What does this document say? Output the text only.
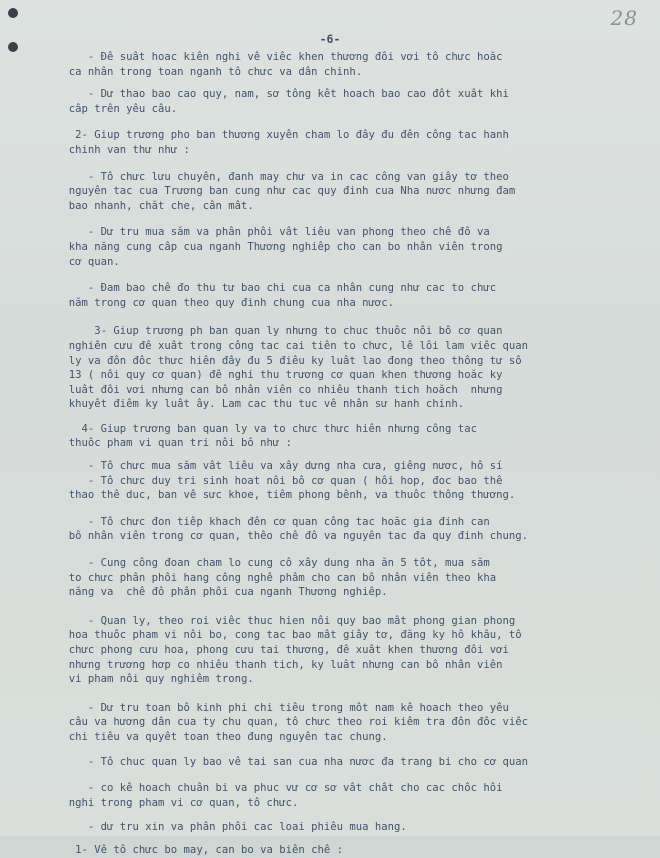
28
-6-
- Đê suât hoac kiên nghi vê viêc khen thương đôi vơi tô chưc hoăc
ca nhân trong toan nganh tô chưc va dân chinh.
- Dư thao bao cao quy, nam, sơ tông kêt hoach bao cao đôt xuât khi
câp trên yêu câu.
2- Giup trương pho ban thương xuyên cham lo đây đu đên công tac hanh
chinh van thư như :
- Tô chưc lưu chuyên, đanh may chư va in cac công van giây tơ theo
nguyên tac cua Trương ban cung như cac quy đinh cua Nha nươc nhưng đam
bao nhanh, chăt che, cân mât.
- Dư tru mua săm va phân phôi vât liêu van phong theo chê đô va
kha năng cung câp cua nganh Thương nghiêp cho can bo nhân viên trong
cơ quan.
- Đam bao chê đo thu tư bao chi cua ca nhân cung như cac to chưc
năm trong cơ quan theo quy đinh chung cua nha nươc.
3- Giup trương ph ban quan ly nhưng to chuc thuôc nôi bô cơ quan
nghiên cưu đê xuât trong công tac cai tiên to chưc, lê lôi lam viêc quan
ly va đôn đôc thưc hiên đây đu 5 điêu ky luât lao đong theo thông tư sô
13 ( nôi quy cơ quan) đê nghi thu trương cơ quan khen thương hoăc ky
luât đôi vơi nhưng can bô nhân viên co nhiêu thanh tich hoăch  nhưng
khuyêt điêm ky luât ây. Lam cac thu tuc vê nhân sư hanh chinh.
4- Giup trương ban quan ly va to chưc thưc hiên nhưng công tac
thuôc pham vi quan tri nôi bô như :
- Tô chưc mua săm vât liêu va xây dưng nha cưa, giêng nươc, hô sí
- Tô chưc duy tri sinh hoat nôi bô cơ quan ( hôi hop, đoc bao thê
thao thê duc, ban vê sưc khoe, tiêm phong bênh, va thuôc thông thương.
- Tô chưc đon tiêp khach đên cơ quan công tac hoăc gia đinh can
bô nhân viên trong cơ quan, thêo chê đô va nguyên tac đa quy đinh chung.
- Cung công đoan cham lo cung cô xây dung nha ăn 5 tôt, mua săm
to chưc phân phôi hang công nghê phâm cho can bô nhân viên theo kha
năng va  chê đô phân phôi cua nganh Thương nghiêp.
- Quan ly, theo roi viêc thuc hien nôi quy bao mât phong gian phong
hoa thuôc pham vi nôi bo, cong tac bao mât giây tơ, đăng ky hô khâu, tô
chưc phong cưu hoa, phong cưu tai thương, đê xuât khen thương đôi vơi
nhưng trương hơp co nhiêu thanh tich, ky luât nhưng can bô nhân viên
vi pham nôi quy nghiêm trong.
- Dư tru toan bô kinh phi chi tiêu trong môt nam kê hoach theo yêu
câu va hương dân cua ty chu quan, tô chưc theo roi kiêm tra đôn đôc viêc
chi tiêu va quyêt toan theo đung nguyên tac chung.
- Tô chuc quan ly bao vê tai san cua nha nươc đa trang bi cho cơ quan
- co kê hoach chuân bi va phuc vư cơ sơ vât chât cho cac chôc hôi
nghi trong pham vi cơ quan, tô chưc.
- dư tru xin va phân phôi cac loai phiêu mua hang.
1- Vê tô chưc bo may, can bo va biên chê :
